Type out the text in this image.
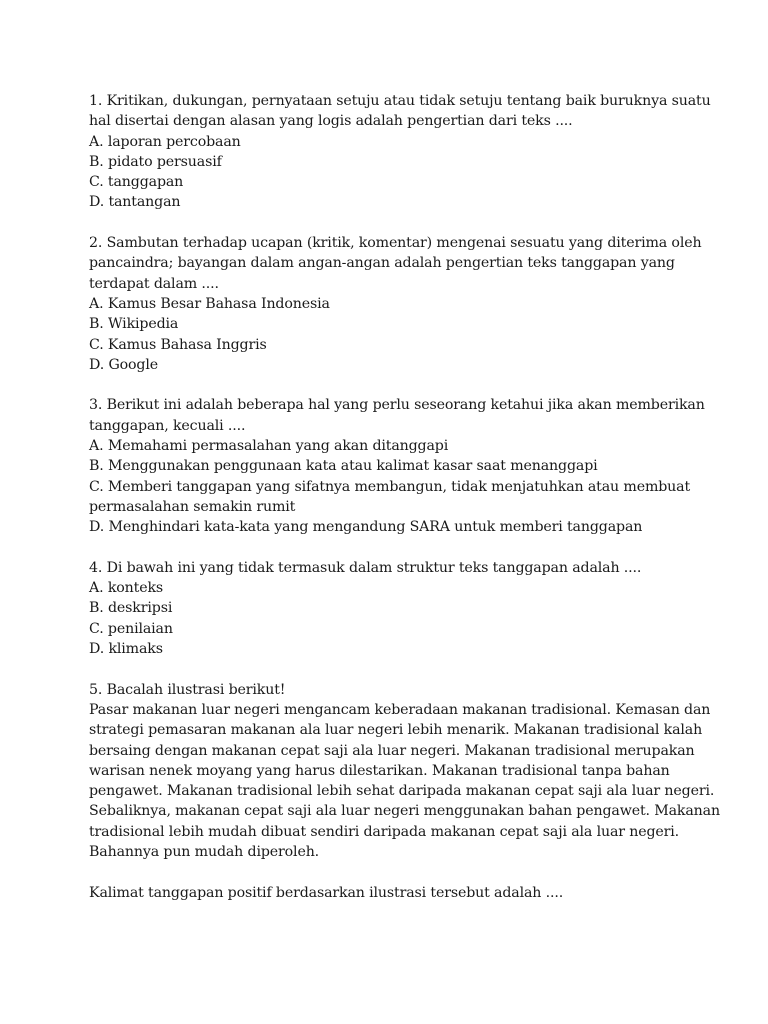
1. Kritikan, dukungan, pernyataan setuju atau tidak setuju tentang baik buruknya suatu
hal disertai dengan alasan yang logis adalah pengertian dari teks ....
A. laporan percobaan
B. pidato persuasif
C. tanggapan
D. tantangan
2. Sambutan terhadap ucapan (kritik, komentar) mengenai sesuatu yang diterima oleh
pancaindra; bayangan dalam angan-angan adalah pengertian teks tanggapan yang
terdapat dalam ....
A. Kamus Besar Bahasa Indonesia
B. Wikipedia
C. Kamus Bahasa Inggris
D. Google
3. Berikut ini adalah beberapa hal yang perlu seseorang ketahui jika akan memberikan
tanggapan, kecuali ....
A. Memahami permasalahan yang akan ditanggapi
B. Menggunakan penggunaan kata atau kalimat kasar saat menanggapi
C. Memberi tanggapan yang sifatnya membangun, tidak menjatuhkan atau membuat
permasalahan semakin rumit
D. Menghindari kata-kata yang mengandung SARA untuk memberi tanggapan
4. Di bawah ini yang tidak termasuk dalam struktur teks tanggapan adalah ....
A. konteks
B. deskripsi
C. penilaian
D. klimaks
5. Bacalah ilustrasi berikut!
Pasar makanan luar negeri mengancam keberadaan makanan tradisional. Kemasan dan
strategi pemasaran makanan ala luar negeri lebih menarik. Makanan tradisional kalah
bersaing dengan makanan cepat saji ala luar negeri. Makanan tradisional merupakan
warisan nenek moyang yang harus dilestarikan. Makanan tradisional tanpa bahan
pengawet. Makanan tradisional lebih sehat daripada makanan cepat saji ala luar negeri.
Sebaliknya, makanan cepat saji ala luar negeri menggunakan bahan pengawet. Makanan
tradisional lebih mudah dibuat sendiri daripada makanan cepat saji ala luar negeri.
Bahannya pun mudah diperoleh.
Kalimat tanggapan positif berdasarkan ilustrasi tersebut adalah ....
